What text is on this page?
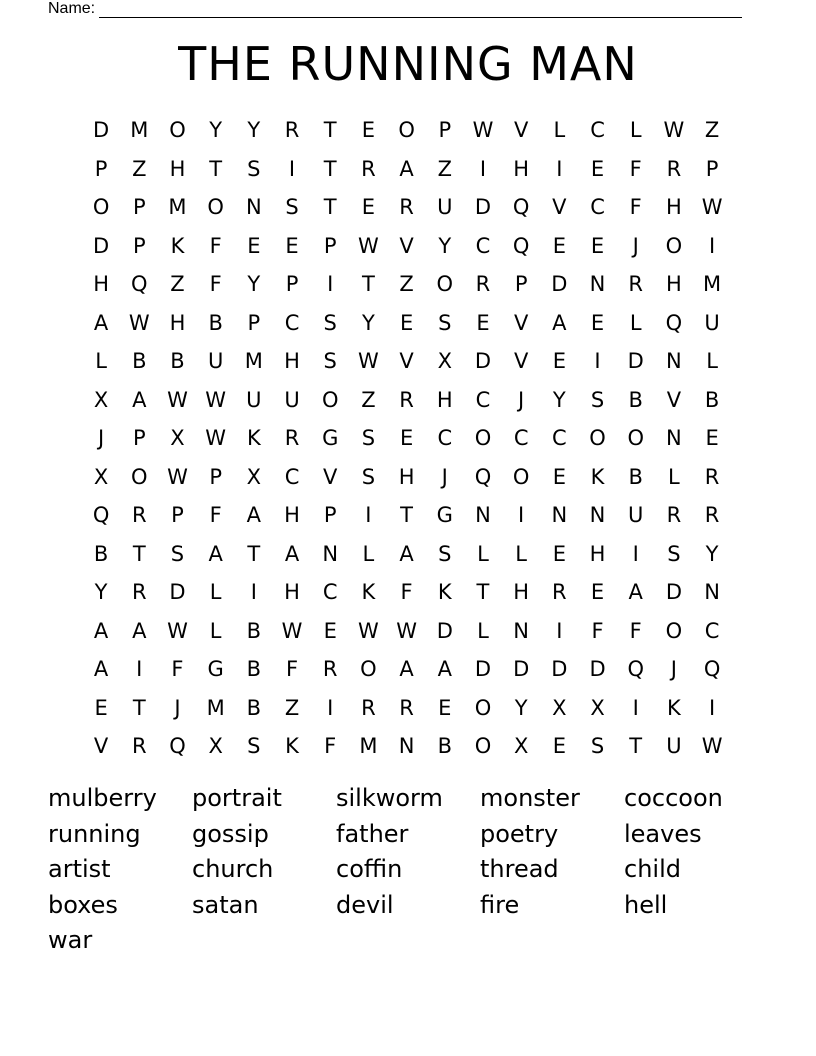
Name:
THE RUNNING MAN
D	M O	Y	Y	R	T	E	O	P	W V	L	C	L	W Z
P	Z	H	T	S	I	T	R	A	Z	I	H	I	E	F	R	P
O	P	M O	N	S	T	E	R	U	D	Q	V	C	F	H W
D	P	K	F	E	E	P	W V	Y	C	Q	E	E	J	O	I
H	Q	Z	F	Y	P	I	T	Z	O	R	P	D	N	R	H	M
A W H	B	P	C	S	Y	E	S	E	V	A	E	L	Q	U
L	B	B	U	M	H	S	W V	X	D	V	E	I	D	N	L
X	A W W U	U	O	Z	R	H	C	J	Y	S	B	V	B
J	P	X W K	R	G	S	E	C	O	C	C	O	O	N	E
X	O W	P	X	C	V	S	H	J	Q	O	E	K	B	L	R
Q	R	P	F	A	H	P	I	T	G	N	I	N	N	U	R	R
B	T	S	A	T	A	N	L	A	S	L	L	E	H	I	S	Y
Y	R	D	L	I	H	C	K	F	K	T	H	R	E	A	D	N
A	A W	L	B W	E	W W D	L	N	I	F	F	O	C
A	I	F	G	B	F	R	O	A	A	D	D	D	D	Q	J	Q
E	T	J	M	B	Z	I	R	R	E	O	Y	X	X	I	K	I
V	R	Q	X	S	K	F	M	N	B	O	X	E	S	T	U W
mulberry	portrait	silkworm	monster	coccoon
running	gossip	father	poetry	leaves
artist	church	coffin	thread	child
boxes	satan	devil	fire	hell
war
